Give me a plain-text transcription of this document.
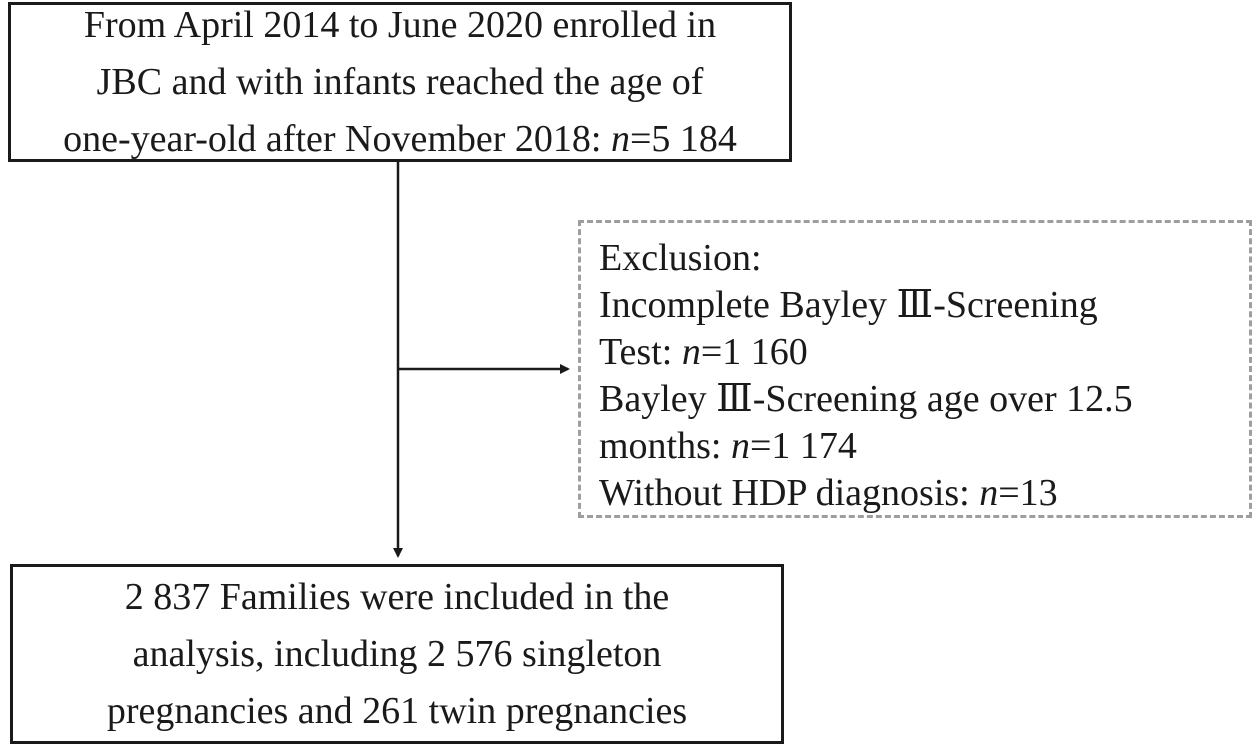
From April 2014 to June 2020 enrolled in
JBC and with infants reached the age of
one-year-old after November 2018: n=5 184
Exclusion:
Incomplete Bayley Ⅲ-Screening
Test: n=1 160
Bayley Ⅲ-Screening age over 12.5
months: n=1 174
Without HDP diagnosis: n=13
2 837 Families were included in the
analysis, including 2 576 singleton
pregnancies and 261 twin pregnancies
